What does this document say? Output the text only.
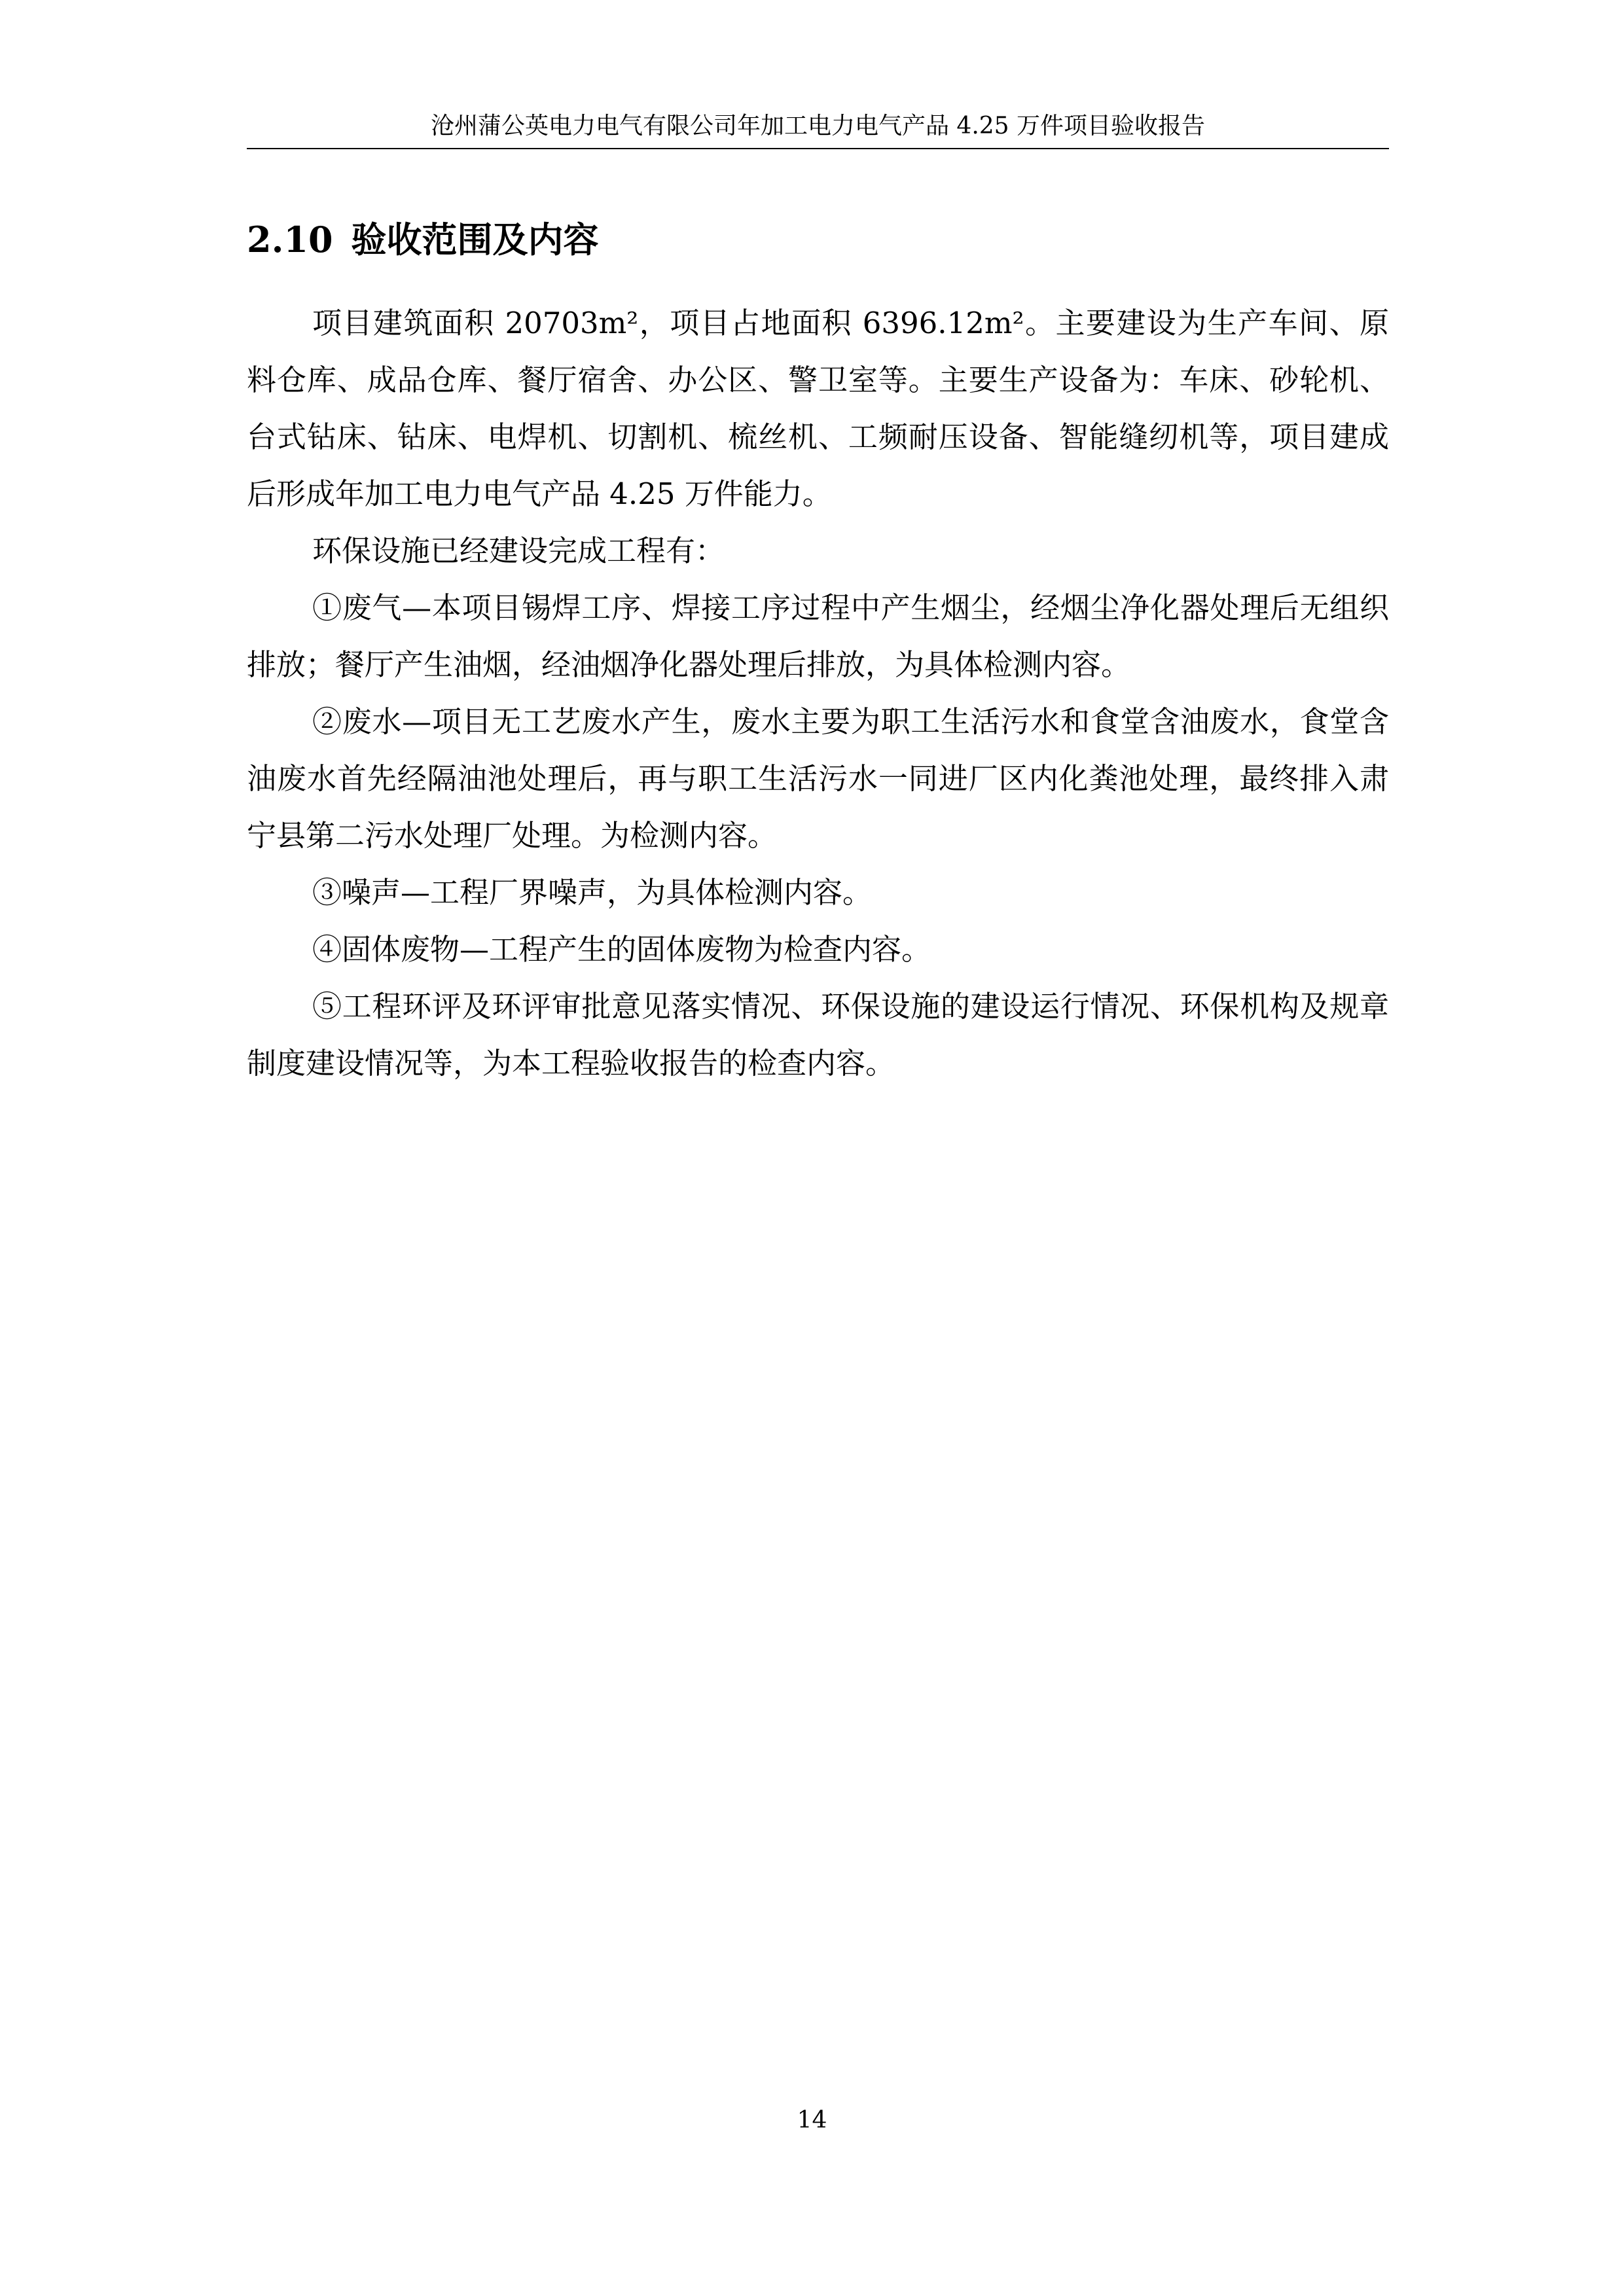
沧州蒲公英电力电气有限公司年加工电力电气产品 4.25 万件项目验收报告
2.10 验收范围及内容

项目建筑面积 20703m²，项目占地面积 6396.12m²。主要建设为生产车间、原料仓库、成品仓库、餐厅宿舍、办公区、警卫室等。主要生产设备为：车床、砂轮机、台式钻床、钻床、电焊机、切割机、梳丝机、工频耐压设备、智能缝纫机等，项目建成后形成年加工电力电气产品 4.25 万件能力。

环保设施已经建设完成工程有：

①废气—本项目锡焊工序、焊接工序过程中产生烟尘，经烟尘净化器处理后无组织排放；餐厅产生油烟，经油烟净化器处理后排放，为具体检测内容。

②废水—项目无工艺废水产生，废水主要为职工生活污水和食堂含油废水，食堂含油废水首先经隔油池处理后，再与职工生活污水一同进厂区内化粪池处理，最终排入肃宁县第二污水处理厂处理。为检测内容。

③噪声—工程厂界噪声，为具体检测内容。

④固体废物—工程产生的固体废物为检查内容。

⑤工程环评及环评审批意见落实情况、环保设施的建设运行情况、环保机构及规章制度建设情况等，为本工程验收报告的检查内容。

14
